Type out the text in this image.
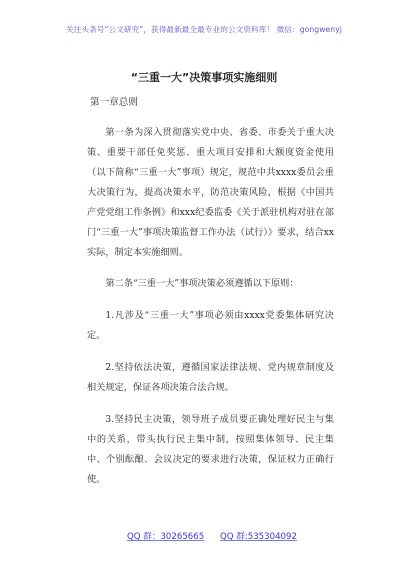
关注头条号“公文研究”，获得最新最全最专业的公文资料库！ 微信：gongwenyj
“三重一大”决策事项实施细则
第一章总则

第一条为深入贯彻落实党中央、省委、市委关于重大决策、重要干部任免奖惩、重大项目安排和大额度资金使用（以下简称“三重一大”事项）规定，规范中共xxxx委员会重大决策行为，提高决策水平，防范决策风险，根据《中国共产党党组工作条例》和xxx纪委监委《关于派驻机构对驻在部门“三重一大”事项决策监督工作办法（试行）》要求，结合xx实际，制定本实施细则。

第二条“三重一大”事项决策必须遵循以下原则：

1.凡涉及“三重一大”事项必须由xxxx党委集体研究决定。

2.坚持依法决策，遵循国家法律法规、党内规章制度及相关规定，保证各项决策合法合规。

3.坚持民主决策，领导班子成员要正确处理好民主与集中的关系，带头执行民主集中制，按照集体领导、民主集中、个别酝酿、会议决定的要求进行决策，保证权力正确行使。

QQ 群：30265665 QQ 群:535304092
